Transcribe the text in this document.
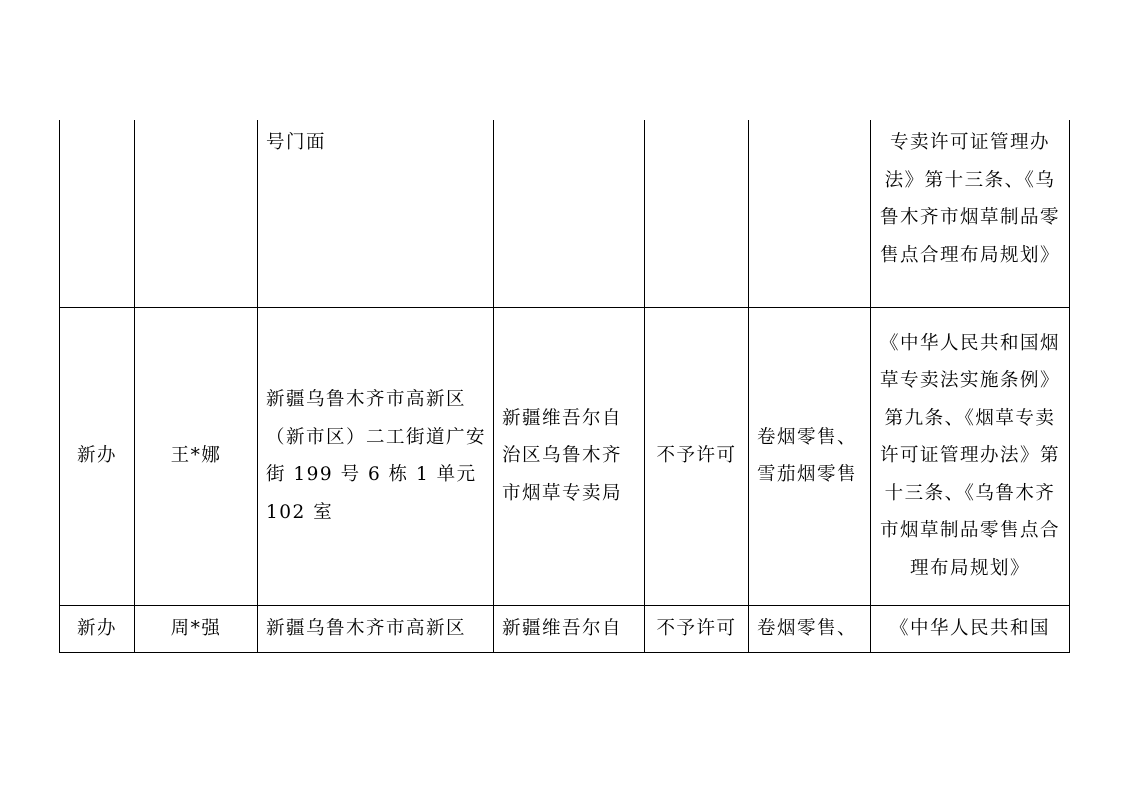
		号门面				专卖许可证管理办法》第十三条、《乌鲁木齐市烟草制品零售点合理布局规划》
新办	王*娜	新疆乌鲁木齐市高新区（新市区）二工街道广安街 199 号 6 栋 1 单元 102 室	新疆维吾尔自治区乌鲁木齐市烟草专卖局	不予许可	卷烟零售、雪茄烟零售	《中华人民共和国烟草专卖法实施条例》第九条、《烟草专卖许可证管理办法》第十三条、《乌鲁木齐市烟草制品零售点合理布局规划》
新办	周*强	新疆乌鲁木齐市高新区	新疆维吾尔自	不予许可	卷烟零售、	《中华人民共和国
